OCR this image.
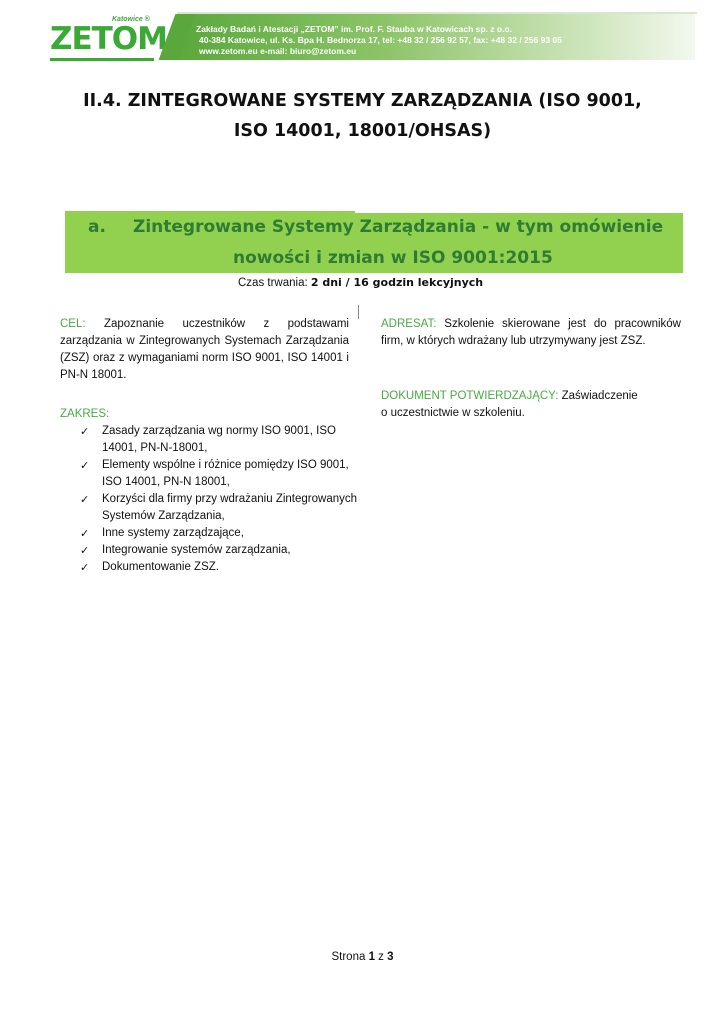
ZETOM
Katowice ®
Zakłady Badań i Atestacji „ZETOM” im. Prof. F. Stauba w Katowicach sp. z o.o.
40-384 Katowice, ul. Ks. Bpa H. Bednorza 17, tel: +48 32 / 256 92 57, fax: +48 32 / 256 93 05
www.zetom.eu e-mail: biuro@zetom.eu
II.4. ZINTEGROWANE SYSTEMY ZARZĄDZANIA (ISO 9001,
ISO 14001, 18001/OHSAS)
a. Zintegrowane Systemy Zarządzania - w tym omówienie
nowości i zmian w ISO 9001:2015
Czas trwania: 2 dni / 16 godzin lekcyjnych
CEL: Zapoznanie uczestników z podstawami zarządzania w Zintegrowanych Systemach Zarządzania (ZSZ) oraz z wymaganiami norm ISO 9001, ISO 14001 i PN-N 18001.
ZAKRES:
✓ Zasady zarządzania wg normy ISO 9001, ISO 14001, PN-N-18001,
✓ Elementy wspólne i różnice pomiędzy ISO 9001, ISO 14001, PN-N 18001,
✓ Korzyści dla firmy przy wdrażaniu Zintegrowanych Systemów Zarządzania,
✓ Inne systemy zarządzające,
✓ Integrowanie systemów zarządzania,
✓ Dokumentowanie ZSZ.
ADRESAT: Szkolenie skierowane jest do pracowników firm, w których wdrażany lub utrzymywany jest ZSZ.
DOKUMENT POTWIERDZAJĄCY: Zaświadczenie
o uczestnictwie w szkoleniu.
Strona 1 z 3
